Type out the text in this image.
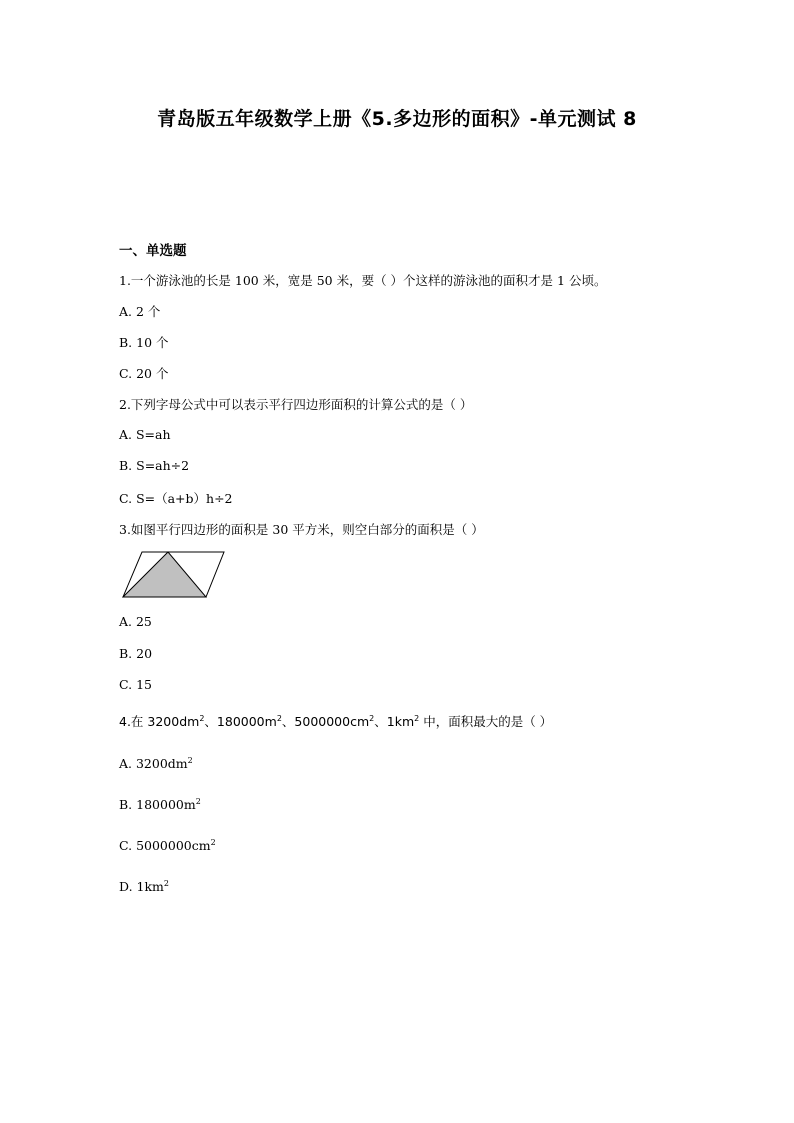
青岛版五年级数学上册《5.多边形的面积》-单元测试 8
一、单选题
1.一个游泳池的长是 100 米，宽是 50 米，要（ ）个这样的游泳池的面积才是 1 公顷。
A. 2 个
B. 10 个
C. 20 个
2.下列字母公式中可以表示平行四边形面积的计算公式的是（ ）
A. S=ah
B. S=ah÷2
C. S=（a+b）h÷2
3.如图平行四边形的面积是 30 平方米，则空白部分的面积是（ ）
A. 25
B. 20
C. 15
4.在 $3200dm^2$、$180000m^2$、$5000000cm^2$、$1km^2$ 中，面积最大的是（ ）
A. $3200dm^2$
B. $180000m^2$
C. $5000000cm^2$
D. $1km^2$
